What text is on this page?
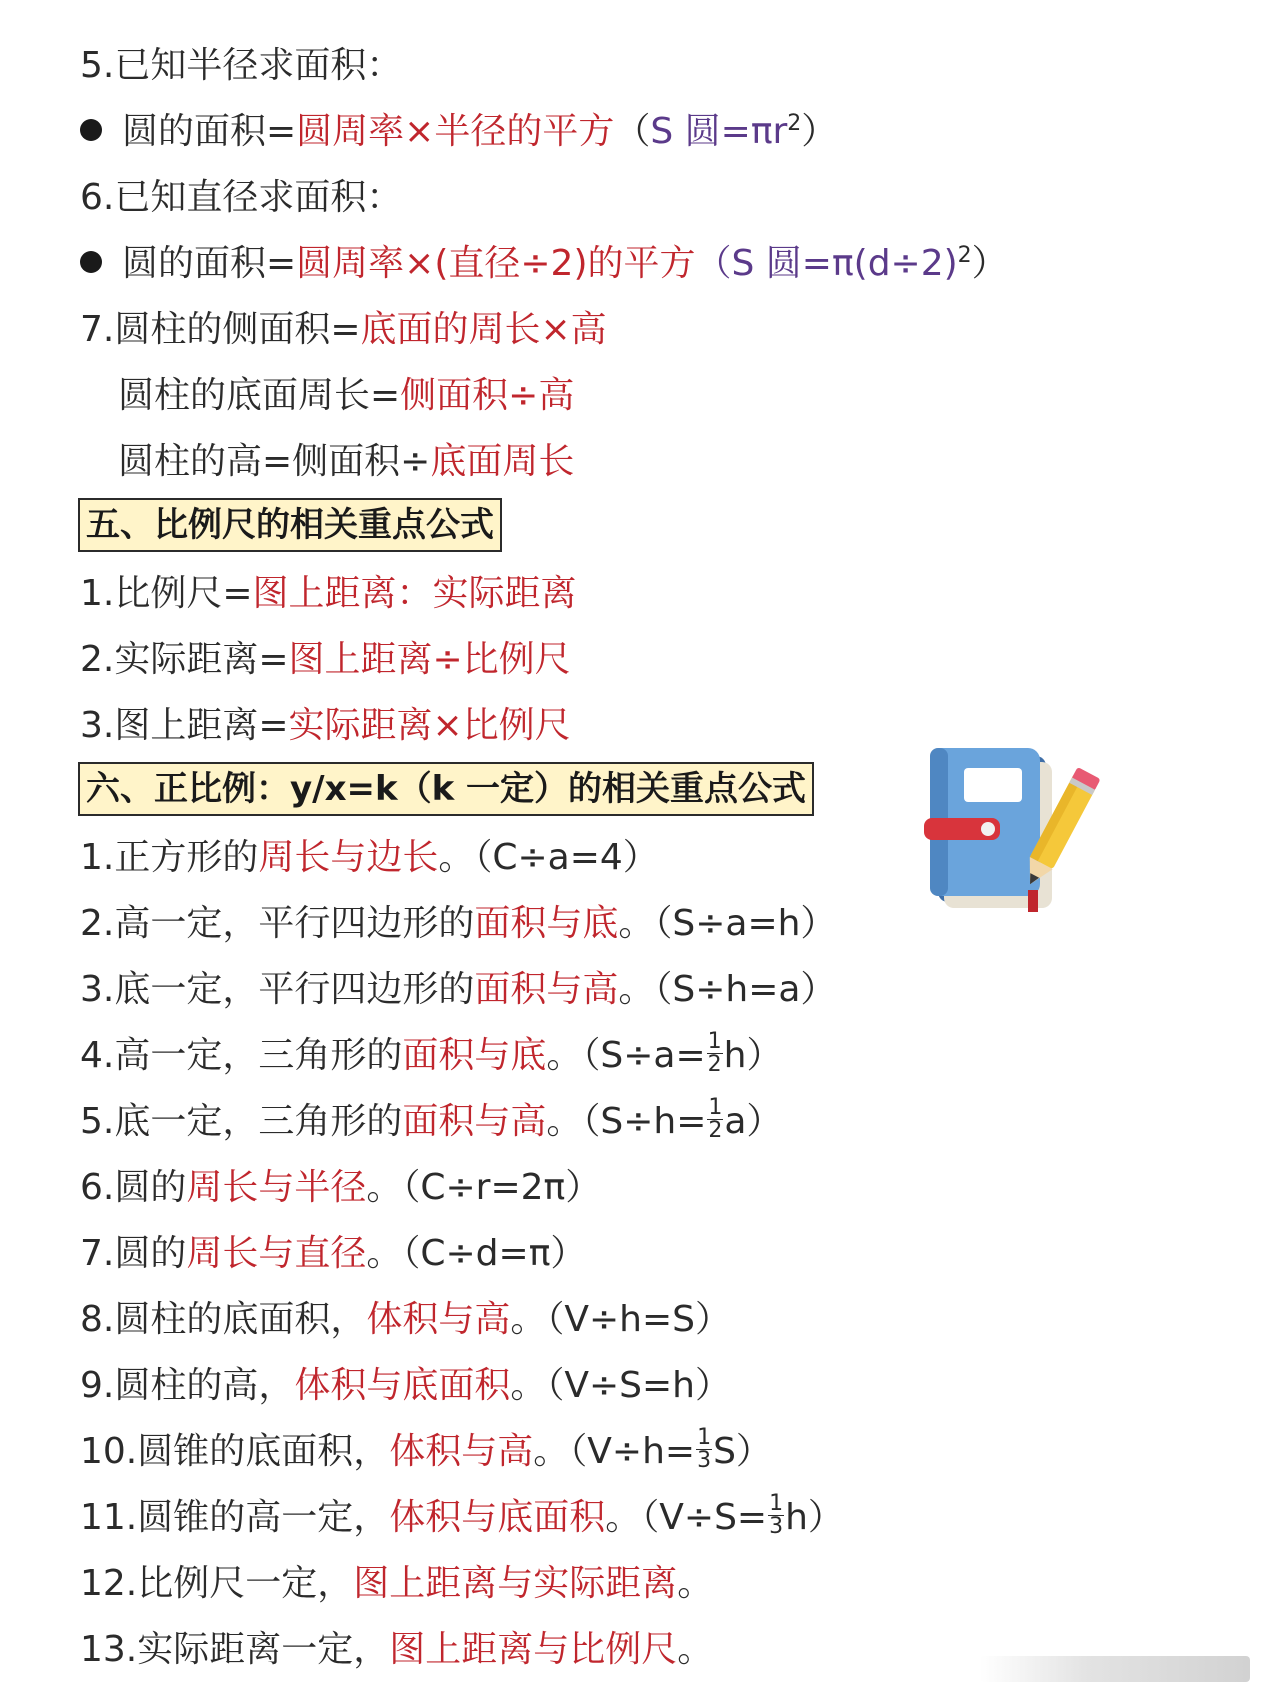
5.已知半径求面积：
圆的面积=圆周率×半径的平方（S 圆$=\pi r^2$）
6.已知直径求面积：
圆的面积=圆周率×(直径÷2)的平方（S 圆$=\pi(d\div 2)^2$）
7.圆柱的侧面积=底面的周长×高
圆柱的底面周长=侧面积÷高
圆柱的高=侧面积÷底面周长
1.比例尺=图上距离：实际距离
2.实际距离=图上距离÷比例尺
3.图上距离=实际距离×比例尺
1.正方形的周长与边长。（C÷a=4）
2.高一定，平行四边形的面积与底。（S÷a=h）
3.底一定，平行四边形的面积与高。（S÷h=a）
4.高一定，三角形的面积与底。$(S\div a= \frac{1}{2} h)$
5.底一定，三角形的面积与高。$(S\div h= \frac{1}{2} a)$
6.圆的周长与半径。（C÷r=2π）
7.圆的周长与直径。（C÷d=π）
8.圆柱的底面积，体积与高。（V÷h=S）
9.圆柱的高，体积与底面积。（V÷S=h）
10.圆锥的底面积，体积与高。$(V\div h= \frac{1}{3} S)$
11.圆锥的高一定，体积与底面积。$(V\div S= \frac{1}{3} h)$
12.比例尺一定，图上距离与实际距离。
13.实际距离一定，图上距离与比例尺。
五、比例尺的相关重点公式
六、正比例：y/x=k（k 一定）的相关重点公式
